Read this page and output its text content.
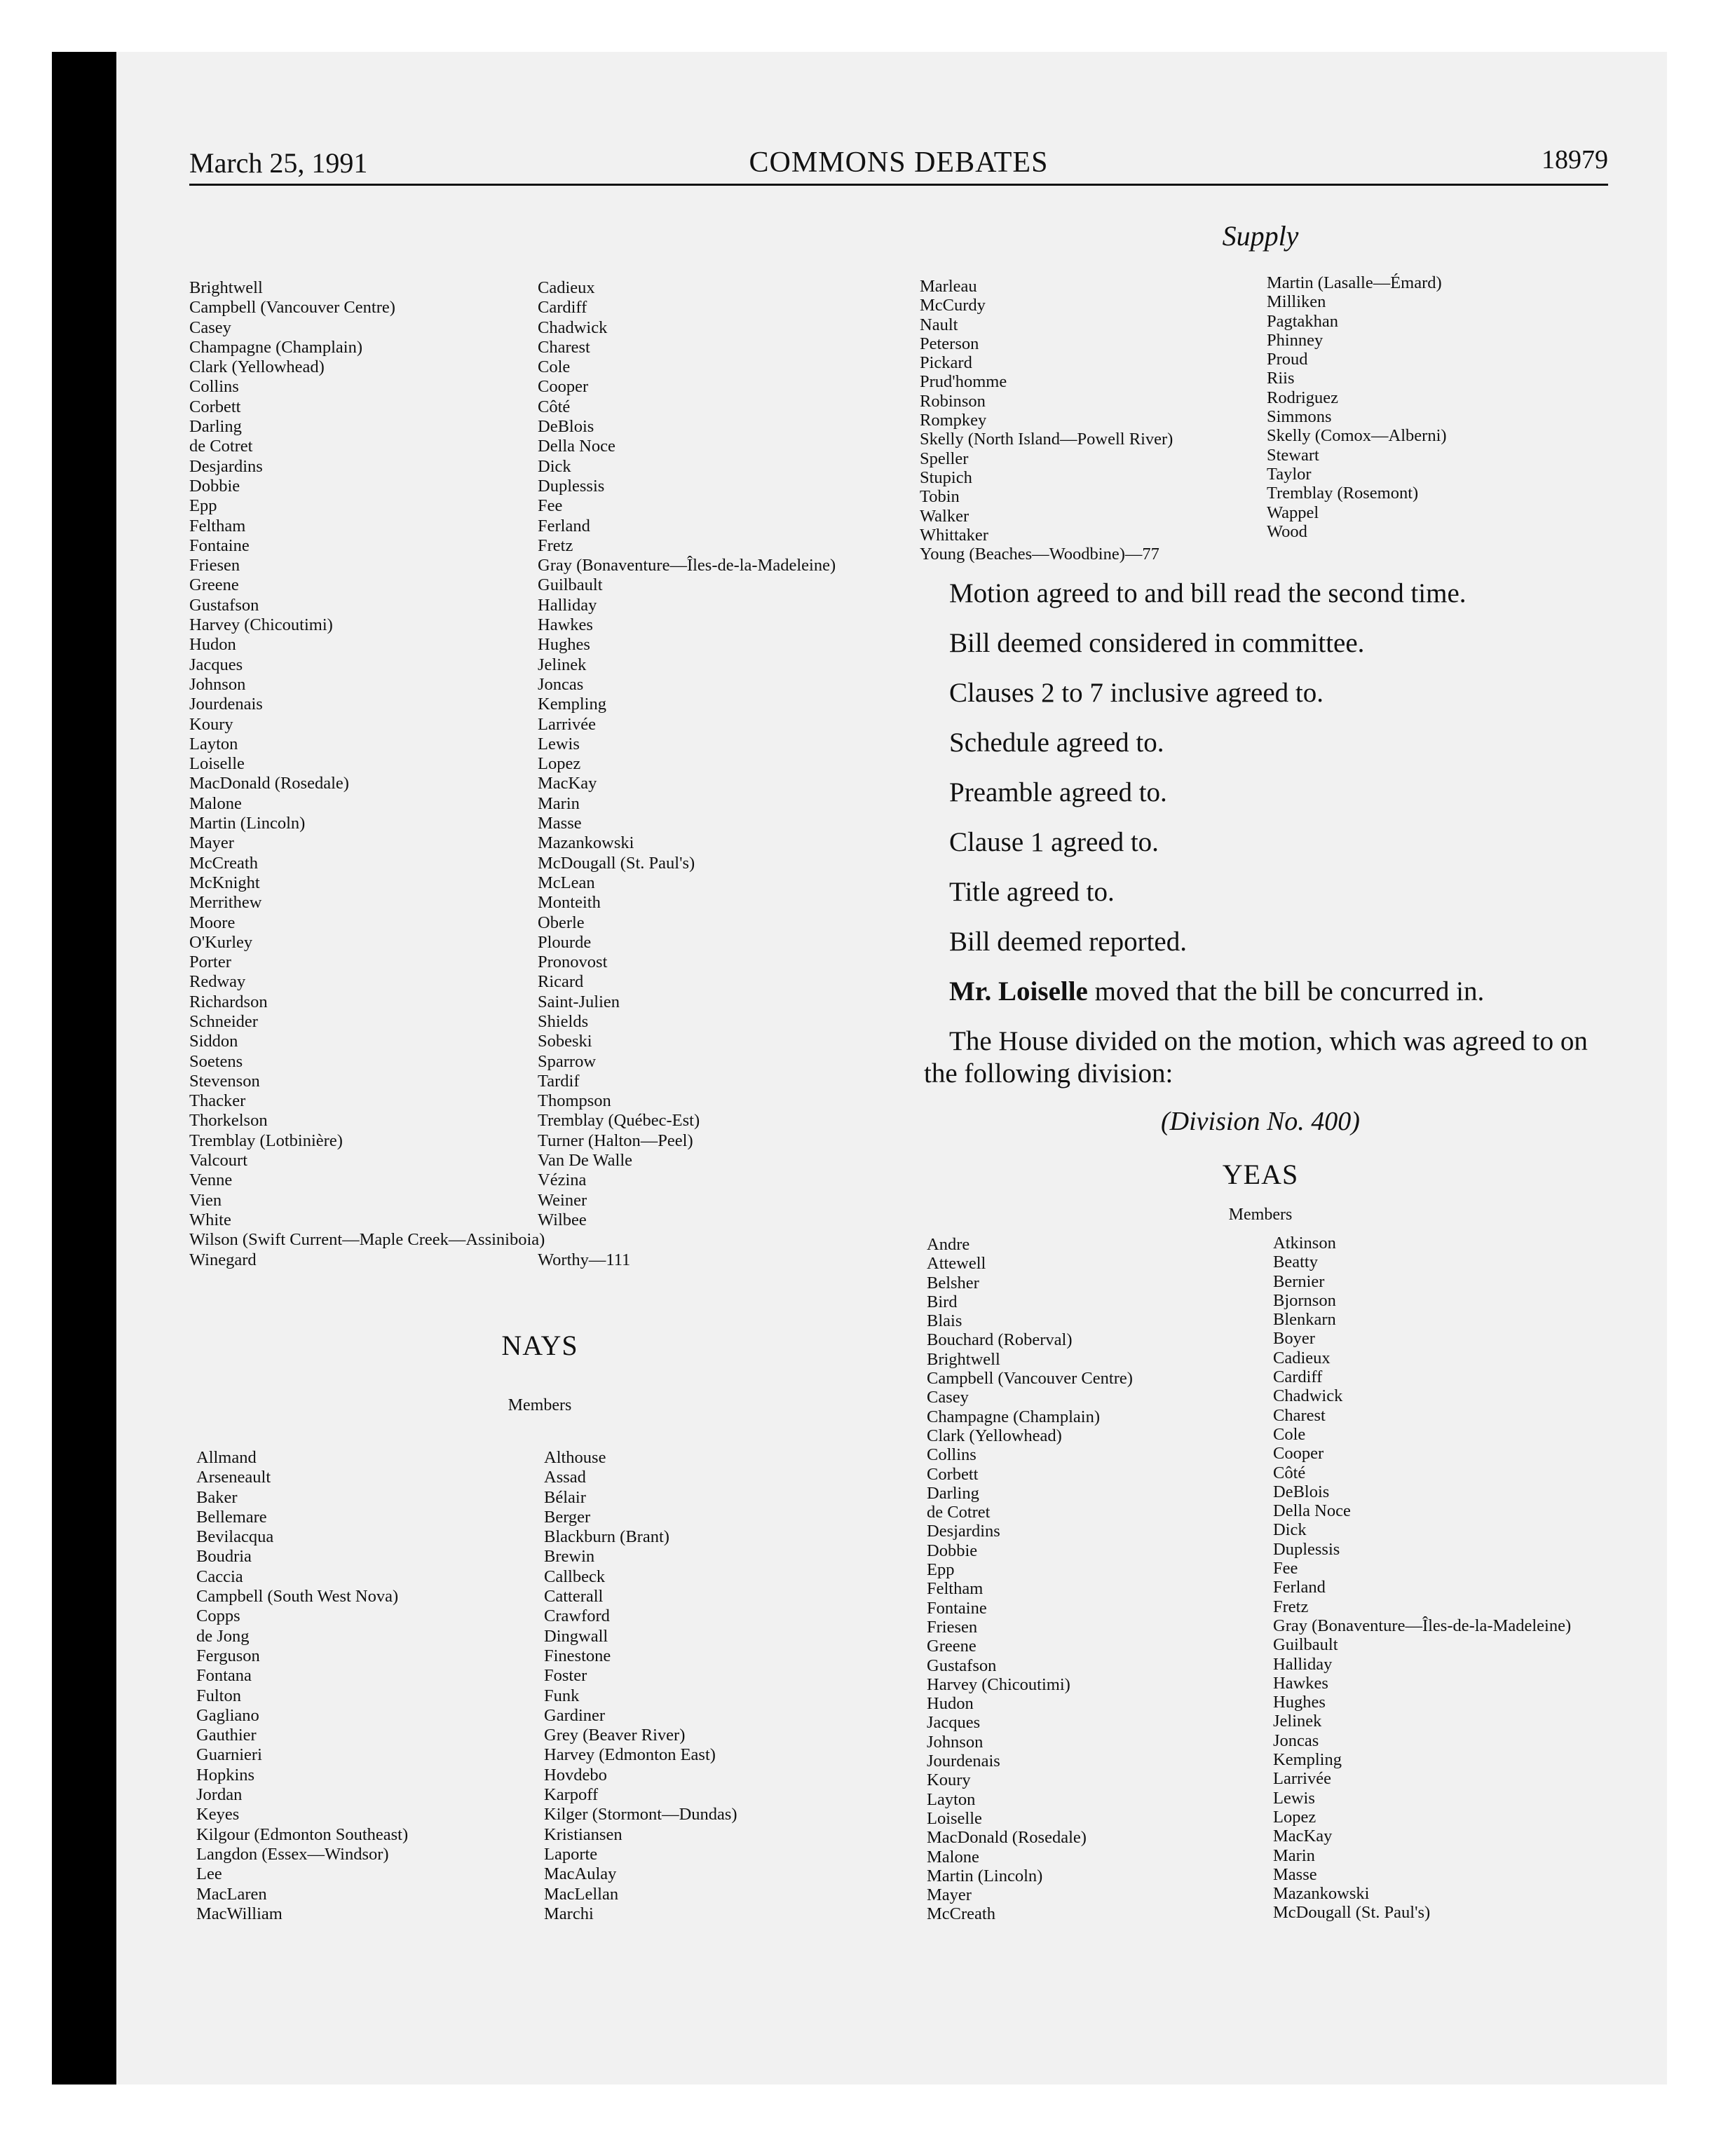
March 25, 1991	COMMONS DEBATES	18979
Supply
Brightwell
Campbell (Vancouver Centre)
Casey
Champagne (Champlain)
Clark (Yellowhead)
Collins
Corbett
Darling
de Cotret
Desjardins
Dobbie
Epp
Feltham
Fontaine
Friesen
Greene
Gustafson
Harvey (Chicoutimi)
Hudon
Jacques
Johnson
Jourdenais
Koury
Layton
Loiselle
MacDonald (Rosedale)
Malone
Martin (Lincoln)
Mayer
McCreath
McKnight
Merrithew
Moore
O'Kurley
Porter
Redway
Richardson
Schneider
Siddon
Soetens
Stevenson
Thacker
Thorkelson
Tremblay (Lotbinière)
Valcourt
Venne
Vien
White
Wilson (Swift Current—Maple Creek—Assiniboia)
Winegard
Cadieux
Cardiff
Chadwick
Charest
Cole
Cooper
Côté
DeBlois
Della Noce
Dick
Duplessis
Fee
Ferland
Fretz
Gray (Bonaventure—Îles-de-la-Madeleine)
Guilbault
Halliday
Hawkes
Hughes
Jelinek
Joncas
Kempling
Larrivée
Lewis
Lopez
MacKay
Marin
Masse
Mazankowski
McDougall (St. Paul's)
McLean
Monteith
Oberle
Plourde
Pronovost
Ricard
Saint-Julien
Shields
Sobeski
Sparrow
Tardif
Thompson
Tremblay (Québec-Est)
Turner (Halton—Peel)
Van De Walle
Vézina
Weiner
Wilbee
Worthy—111
NAYS
Members
Allmand
Arseneault
Baker
Bellemare
Bevilacqua
Boudria
Caccia
Campbell (South West Nova)
Copps
de Jong
Ferguson
Fontana
Fulton
Gagliano
Gauthier
Guarnieri
Hopkins
Jordan
Keyes
Kilgour (Edmonton Southeast)
Langdon (Essex—Windsor)
Lee
MacLaren
MacWilliam
Althouse
Assad
Bélair
Berger
Blackburn (Brant)
Brewin
Callbeck
Catterall
Crawford
Dingwall
Finestone
Foster
Funk
Gardiner
Grey (Beaver River)
Harvey (Edmonton East)
Hovdebo
Karpoff
Kilger (Stormont—Dundas)
Kristiansen
Laporte
MacAulay
MacLellan
Marchi
Marleau
McCurdy
Nault
Peterson
Pickard
Prud'homme
Robinson
Rompkey
Skelly (North Island—Powell River)
Speller
Stupich
Tobin
Walker
Whittaker
Young (Beaches—Woodbine)—77
Martin (Lasalle—Émard)
Milliken
Pagtakhan
Phinney
Proud
Riis
Rodriguez
Simmons
Skelly (Comox—Alberni)
Stewart
Taylor
Tremblay (Rosemont)
Wappel
Wood

Motion agreed to and bill read the second time.

Bill deemed considered in committee.

Clauses 2 to 7 inclusive agreed to.

Schedule agreed to.

Preamble agreed to.

Clause 1 agreed to.

Title agreed to.

Bill deemed reported.

Mr. Loiselle moved that the bill be concurred in.

The House divided on the motion, which was agreed to on the following division:

(Division No. 400)
YEAS
Members
Andre
Attewell
Belsher
Bird
Blais
Bouchard (Roberval)
Brightwell
Campbell (Vancouver Centre)
Casey
Champagne (Champlain)
Clark (Yellowhead)
Collins
Corbett
Darling
de Cotret
Desjardins
Dobbie
Epp
Feltham
Fontaine
Friesen
Greene
Gustafson
Harvey (Chicoutimi)
Hudon
Jacques
Johnson
Jourdenais
Koury
Layton
Loiselle
MacDonald (Rosedale)
Malone
Martin (Lincoln)
Mayer
McCreath
Atkinson
Beatty
Bernier
Bjornson
Blenkarn
Boyer
Cadieux
Cardiff
Chadwick
Charest
Cole
Cooper
Côté
DeBlois
Della Noce
Dick
Duplessis
Fee
Ferland
Fretz
Gray (Bonaventure—Îles-de-la-Madeleine)
Guilbault
Halliday
Hawkes
Hughes
Jelinek
Joncas
Kempling
Larrivée
Lewis
Lopez
MacKay
Marin
Masse
Mazankowski
McDougall (St. Paul's)
